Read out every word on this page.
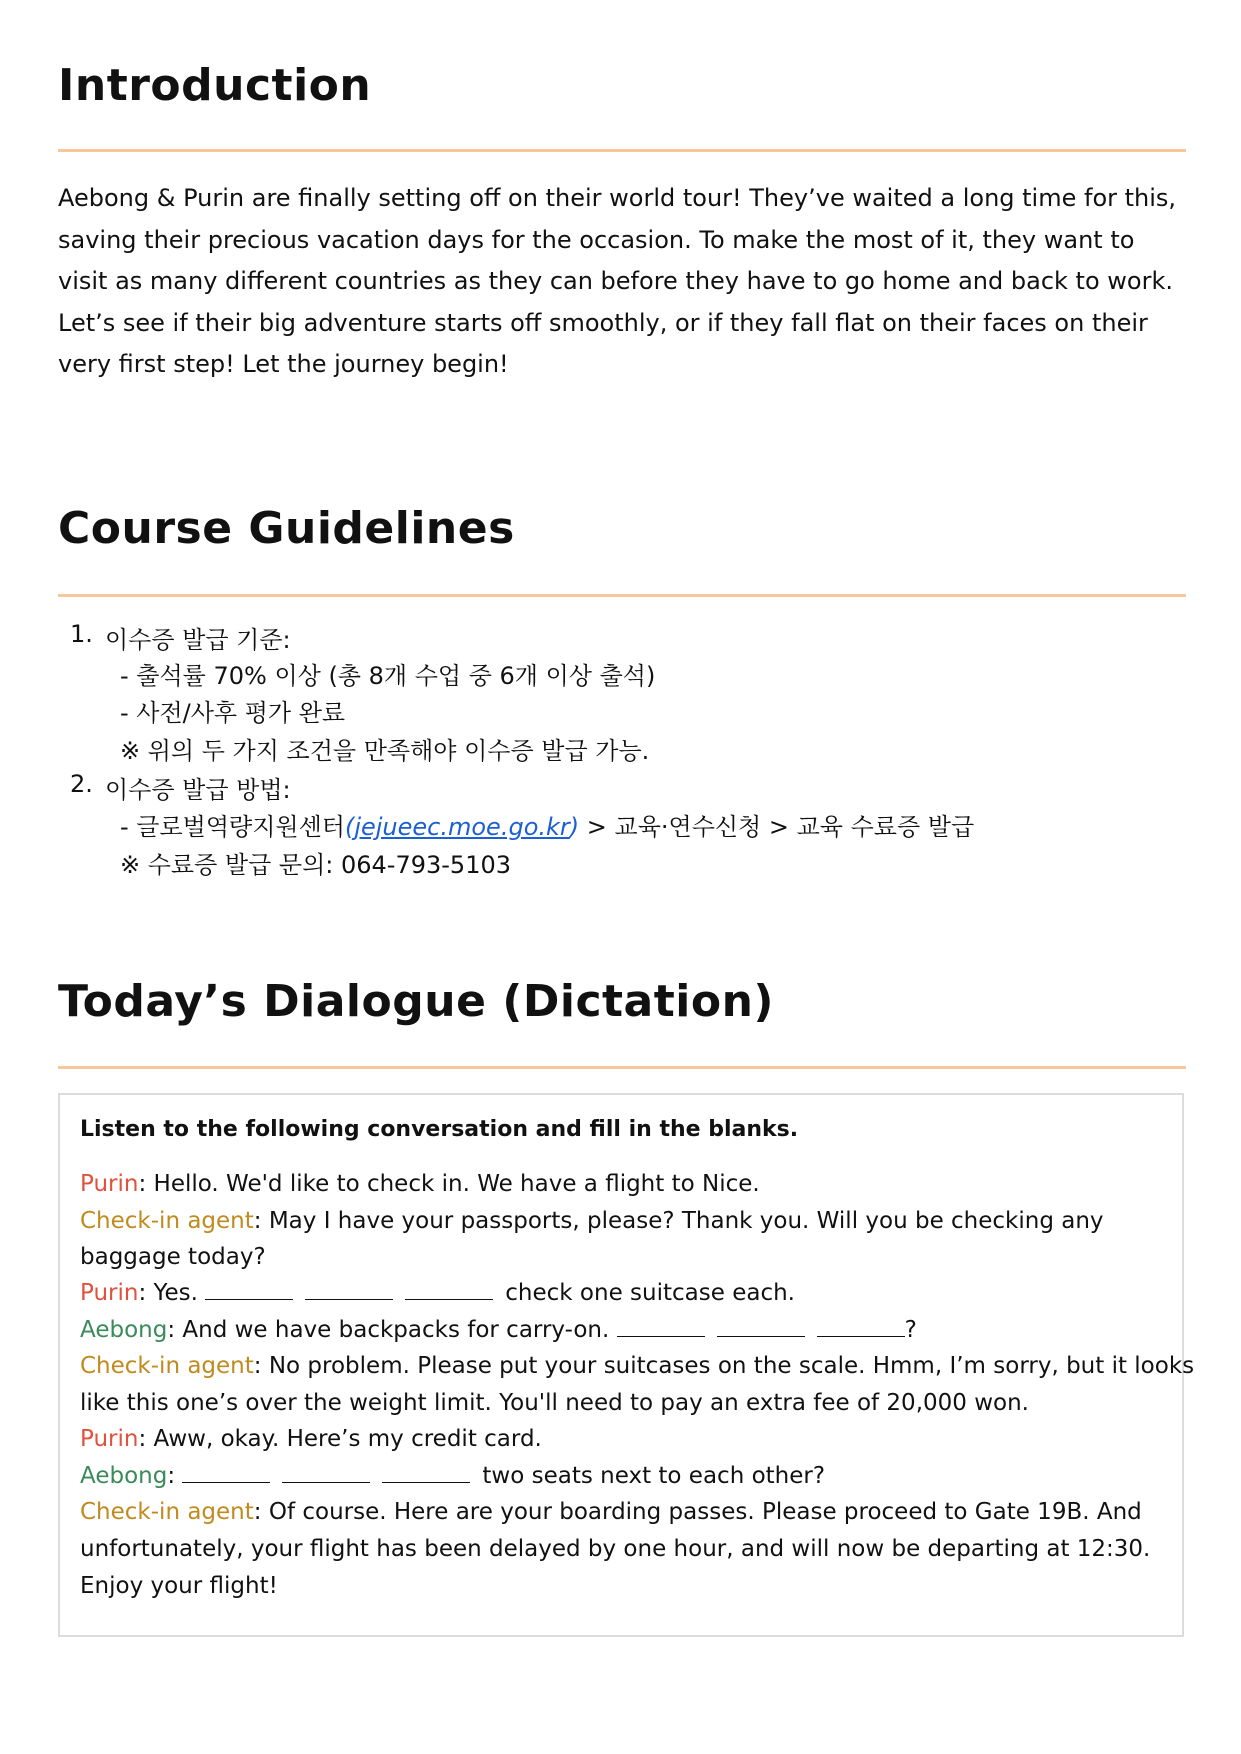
Introduction
Aebong & Purin are finally setting off on their world tour! They’ve waited a long time for this,
saving their precious vacation days for the occasion. To make the most of it, they want to
visit as many different countries as they can before they have to go home and back to work.
Let’s see if their big adventure starts off smoothly, or if they fall flat on their faces on their
very first step! Let the journey begin!
Course Guidelines
1. 이수증 발급 기준:
- 출석률 70% 이상 (총 8개 수업 중 6개 이상 출석)
- 사전/사후 평가 완료
※ 위의 두 가지 조건을 만족해야 이수증 발급 가능.
2. 이수증 발급 방법:
- 글로벌역량지원센터(jejueec.moe.go.kr) > 교육·연수신청 > 교육 수료증 발급
※ 수료증 발급 문의: 064-793-5103
Today’s Dialogue (Dictation)
Listen to the following conversation and fill in the blanks.
Purin: Hello. We'd like to check in. We have a flight to Nice.
Check-in agent: May I have your passports, please? Thank you. Will you be checking any
baggage today?
Purin: Yes.	check one suitcase each.
Aebong: And we have backpacks for carry-on.	?
Check-in agent: No problem. Please put your suitcases on the scale. Hmm, I’m sorry, but it looks
like this one’s over the weight limit. You'll need to pay an extra fee of 20,000 won.
Purin: Aww, okay. Here’s my credit card.
Aebong:	two seats next to each other?
Check-in agent: Of course. Here are your boarding passes. Please proceed to Gate 19B. And
unfortunately, your flight has been delayed by one hour, and will now be departing at 12:30.
Enjoy your flight!
